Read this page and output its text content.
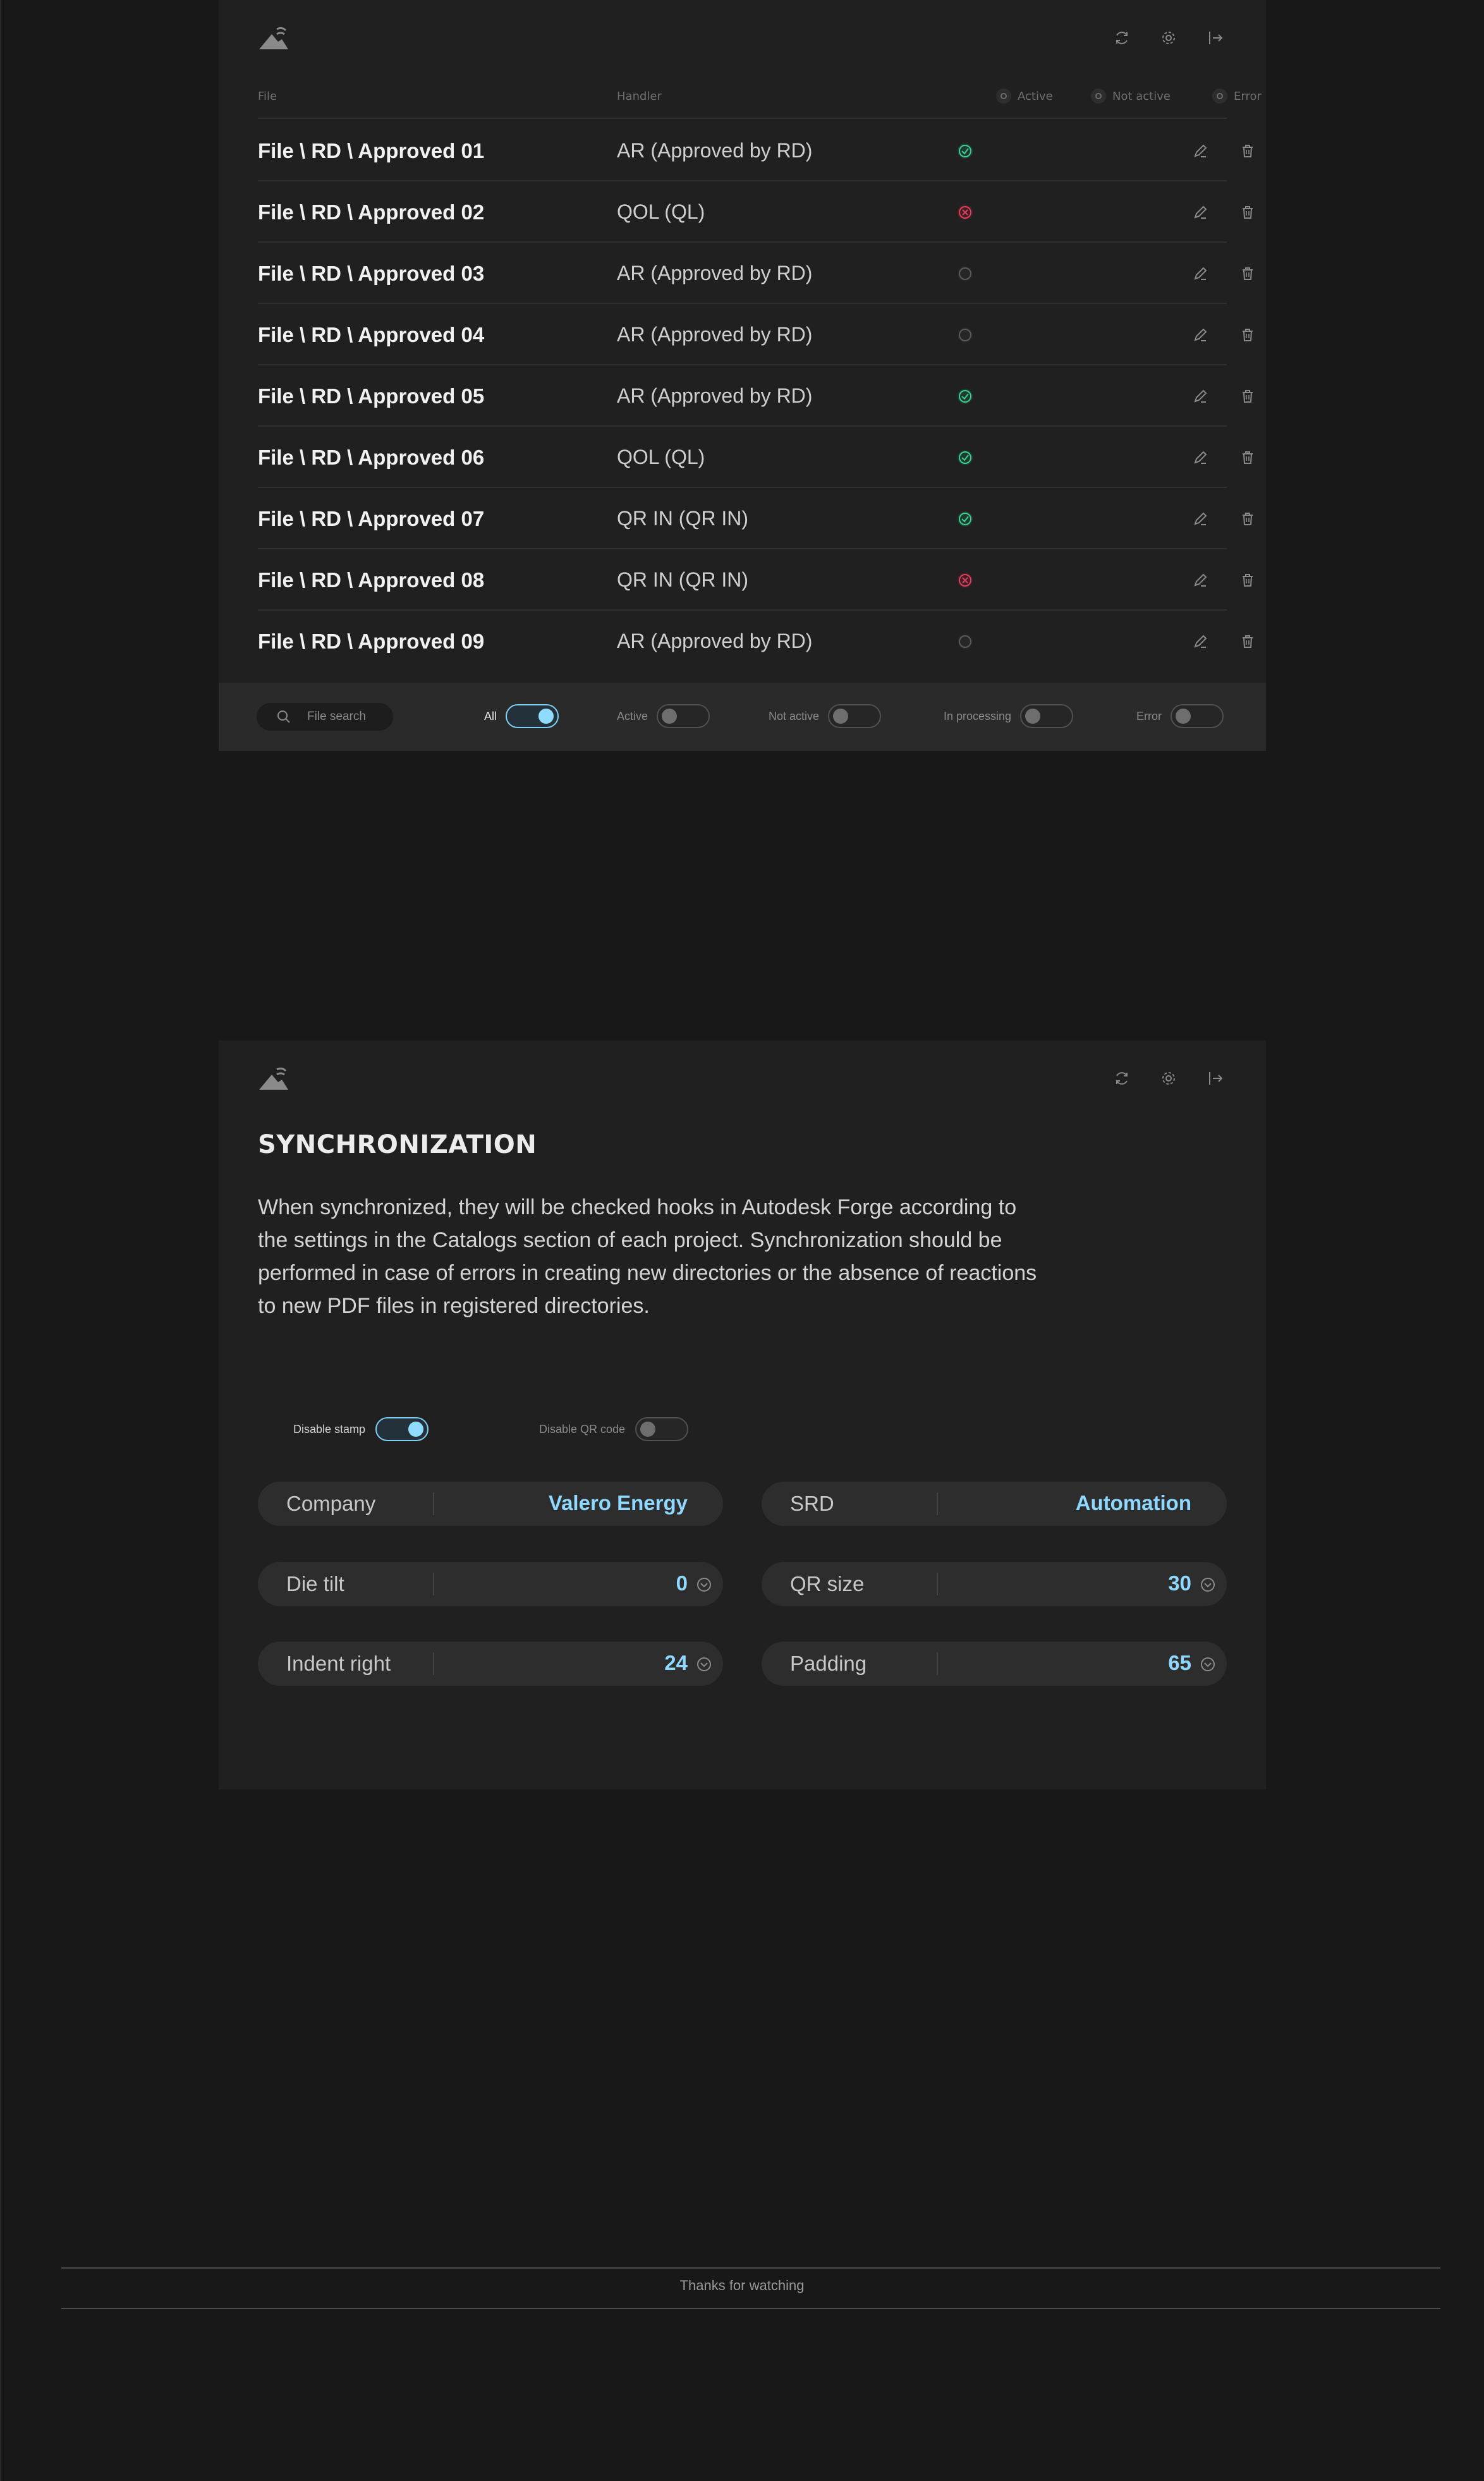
File	Handler	Active	Not active	Error
File \ RD \ Approved 01	AR (Approved by RD)
File \ RD \ Approved 02	QOL (QL)
File \ RD \ Approved 03	AR (Approved by RD)
File \ RD \ Approved 04	AR (Approved by RD)
File \ RD \ Approved 05	AR (Approved by RD)
File \ RD \ Approved 06	QOL (QL)
File \ RD \ Approved 07	QR IN (QR IN)
File \ RD \ Approved 08	QR IN (QR IN)
File \ RD \ Approved 09	AR (Approved by RD)
File search
All	Active	Not active	In processing	Error
SYNCHRONIZATION

When synchronized, they will be checked hooks in Autodesk Forge according to the settings in the Catalogs section of each project. Synchronization should be performed in case of errors in creating new directories or the absence of reactions to new PDF files in registered directories.

Disable stamp	Disable QR code
Company	Valero Energy	SRD	Automation
Die tilt	0	QR size	30
Indent right	24	Padding	65
Thanks for watching
